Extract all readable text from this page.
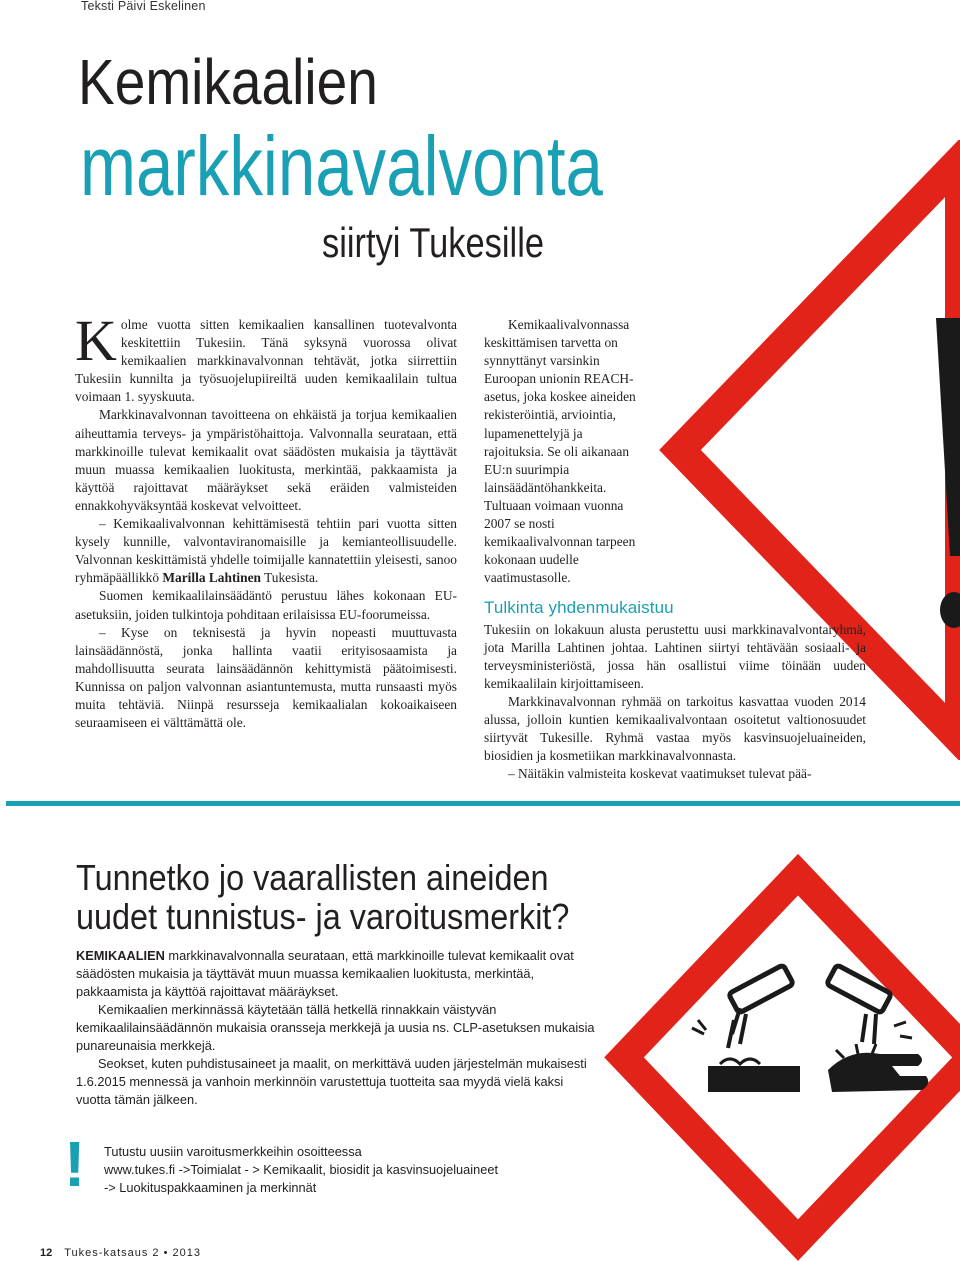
Teksti Päivi Eskelinen
Kemikaalien
markkinavalvonta
siirtyi Tukesille

Kolme vuotta sitten kemikaalien kansallinen tuotevalvonta keskitettiin Tukesiin. Tänä syksynä vuorossa olivat kemikaalien markkinavalvonnan tehtävät, jotka siirrettiin Tukesiin kunnilta ja työsuojelupiireiltä uuden kemikaalilain tultua voimaan 1. syyskuuta.

Markkinavalvonnan tavoitteena on ehkäistä ja torjua kemikaalien aiheuttamia terveys- ja ympäristöhaittoja. Valvonnalla seurataan, että markkinoille tulevat kemikaalit ovat säädösten mukaisia ja täyttävät muun muassa kemikaalien luokitusta, merkintää, pakkaamista ja käyttöä rajoittavat määräykset sekä eräiden valmisteiden ennakkohyväksyntää koskevat velvoitteet.

– Kemikaalivalvonnan kehittämisestä tehtiin pari vuotta sitten kysely kunnille, valvontaviranomaisille ja kemianteollisuudelle. Valvonnan keskittämistä yhdelle toimijalle kannatettiin yleisesti, sanoo ryhmäpäällikkö Marilla Lahtinen Tukesista.

Suomen kemikaalilainsäädäntö perustuu lähes kokonaan EU-asetuksiin, joiden tulkintoja pohditaan erilaisissa EU-foorumeissa.

– Kyse on teknisestä ja hyvin nopeasti muuttuvasta lainsäädännöstä, jonka hallinta vaatii erityisosaamista ja mahdollisuutta seurata lainsäädännön kehittymistä päätoimisesti. Kunnissa on paljon valvonnan asiantuntemusta, mutta runsaasti myös muita tehtäviä. Niinpä resursseja kemikaalialan kokoaikaiseen seuraamiseen ei välttämättä ole.

Kemikaalivalvonnassa keskittämisen tarvetta on synnyttänyt varsinkin Euroopan unionin REACH-asetus, joka koskee aineiden rekisteröintiä, arviointia, lupamenettelyjä ja rajoituksia. Se oli aikanaan EU:n suurimpia lainsäädäntöhankkeita. Tultuaan voimaan vuonna 2007 se nosti kemikaalivalvonnan tarpeen kokonaan uudelle vaatimustasolle.

Tulkinta yhdenmukaistuu

Tukesiin on lokakuun alusta perustettu uusi markkinavalvontaryhmä, jota Marilla Lahtinen johtaa. Lahtinen siirtyi tehtävään sosiaali- ja terveysministeriöstä, jossa hän osallistui viime töinään uuden kemikaalilain kirjoittamiseen.

Markkinavalvonnan ryhmää on tarkoitus kasvattaa vuoden 2014 alussa, jolloin kuntien kemikaalivalvontaan osoitetut valtionosuudet siirtyvät Tukesille. Ryhmä vastaa myös kasvinsuojeluaineiden, biosidien ja kosmetiikan markkinavalvonnasta.

– Näitäkin valmisteita koskevat vaatimukset tulevat pää-

Tunnetko jo vaarallisten aineiden
uudet tunnistus- ja varoitusmerkit?

KEMIKAALIEN markkinavalvonnalla seurataan, että markkinoille tulevat kemikaalit ovat säädösten mukaisia ja täyttävät muun muassa kemikaalien luokitusta, merkintää, pakkaamista ja käyttöä rajoittavat määräykset.

Kemikaalien merkinnässä käytetään tällä hetkellä rinnakkain väistyvän kemikaalilainsäädännön mukaisia oransseja merkkejä ja uusia ns. CLP-asetuksen mukaisia punareunaisia merkkejä.

Seokset, kuten puhdistusaineet ja maalit, on merkittävä uuden järjestelmän mukaisesti 1.6.2015 mennessä ja vanhoin merkinnöin varustettuja tuotteita saa myydä vielä kaksi vuotta tämän jälkeen.

! Tutustu uusiin varoitusmerkkeihin osoitteessa

www.tukes.fi ->Toimialat - > Kemikaalit, biosidit ja kasvinsuojeluaineet

-> Luokituspakkaaminen ja merkinnät

12 Tukes-katsaus 2 • 2013
